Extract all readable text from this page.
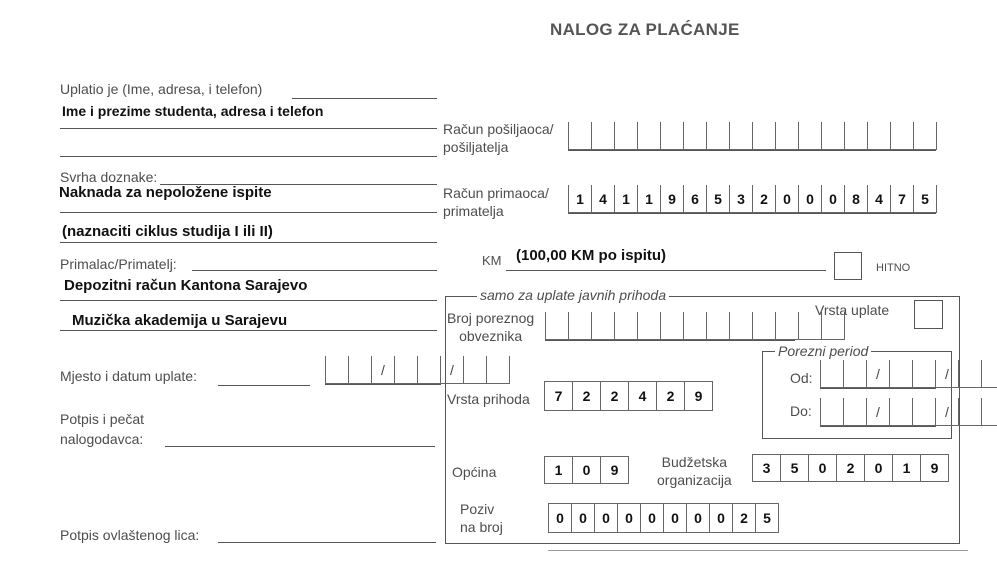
NALOG ZA PLAĆANJE
Uplatio je (Ime, adresa, i telefon)
Ime i prezime studenta, adresa i telefon
Račun pošiljaoca/
pošiljatelja
Svrha doznake:
Naknada za nepoložene ispite
(naznaciti ciklus studija I ili II)
Račun primaoca/
primatelja
1	4	1	1	9	6	5	3	2	0	0	0	8	4	7	5
KM (100,00 KM po ispitu)
HITNO
Primalac/Primatelj:
Depozitni račun Kantona Sarajevo
Muzička akademija u Sarajevu
Mjesto i datum uplate:	/	/
Potpis i pečat
nalogodavca:
Potpis ovlaštenog lica:
samo za uplate javnih prihoda
Broj poreznog
obveznika
Vrsta uplate
Porezni period
Od:	/	/
Do:	/	/
Vrsta prihoda	7	2	2	4	2	9
Općina	1	0	9	Budžetska
organizacija
3	5	0	2	0	1	9
Poziv
na broj
0	0	0	0	0	0	0	0	2	5
